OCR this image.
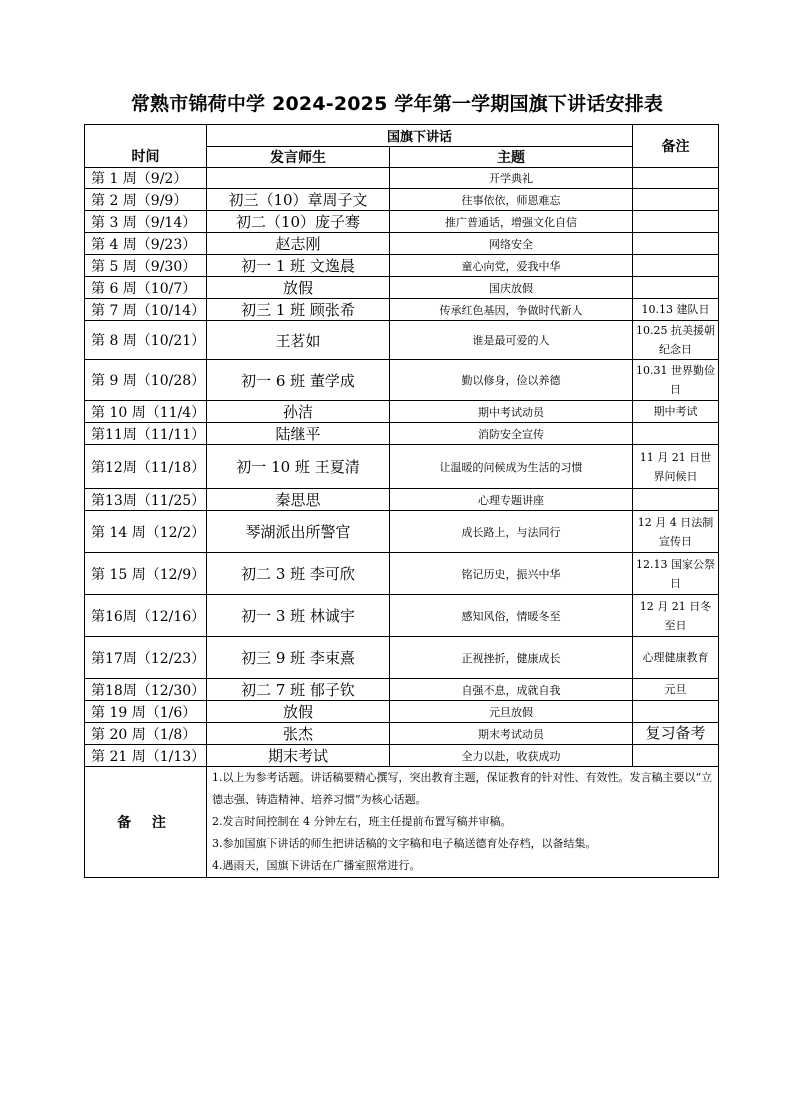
常熟市锦荷中学 2024-2025 学年第一学期国旗下讲话安排表
时间	国旗下讲话		备注
	发言师生	主题	
第 1 周（9/2）		开学典礼	
第 2 周（9/9）	初三（10）章周子文	往事依依，师恩难忘	
第 3 周（9/14）	初二（10）庞子骞	推广普通话，增强文化自信	
第 4 周（9/23）	赵志刚	网络安全	
第 5 周（9/30）	初一 1 班 文逸晨	童心向党，爱我中华	
第 6 周（10/7）	放假	国庆放假	
第 7 周（10/14）	初三 1 班 顾张希	传承红色基因，争做时代新人	10.13 建队日
第 8 周（10/21）	王茗如	谁是最可爱的人	10.25 抗美援朝纪念日
第 9 周（10/28）	初一 6 班 董学成	勤以修身，俭以养德	10.31 世界勤俭日
第 10 周（11/4）	孙洁	期中考试动员	期中考试
第11周（11/11）	陆继平	消防安全宣传	
第12周（11/18）	初一 10 班 王夏清	让温暖的问候成为生活的习惯	11 月 21 日世界问候日
第13周（11/25）	秦思思	心理专题讲座	
第 14 周（12/2）	琴湖派出所警官	成长路上，与法同行	12 月 4 日法制宣传日
第 15 周（12/9）	初二 3 班 李可欣	铭记历史，振兴中华	12.13 国家公祭日
第16周（12/16）	初一 3 班 林诚宇	感知风俗，情暖冬至	12 月 21 日冬至日
第17周（12/23）	初三 9 班 李束熹	正视挫折，健康成长	心理健康教育
第18周（12/30）	初二 7 班 郁子钦	自强不息，成就自我	元旦
第 19 周（1/6）	放假	元旦放假	
第 20 周（1/8）	张杰	期末考试动员	复习备考
第 21 周（1/13）	期末考试	全力以赴，收获成功	
备 注	1.以上为参考话题。讲话稿要精心撰写，突出教育主题，保证教育的针对性、有效性。发言稿主要以“立德志强、铸造精神、培养习惯”为核心话题。

2.发言时间控制在 4 分钟左右，班主任提前布置写稿并审稿。

3.参加国旗下讲话的师生把讲话稿的文字稿和电子稿送德育处存档，以备结集。

4.遇雨天，国旗下讲话在广播室照常进行。		
